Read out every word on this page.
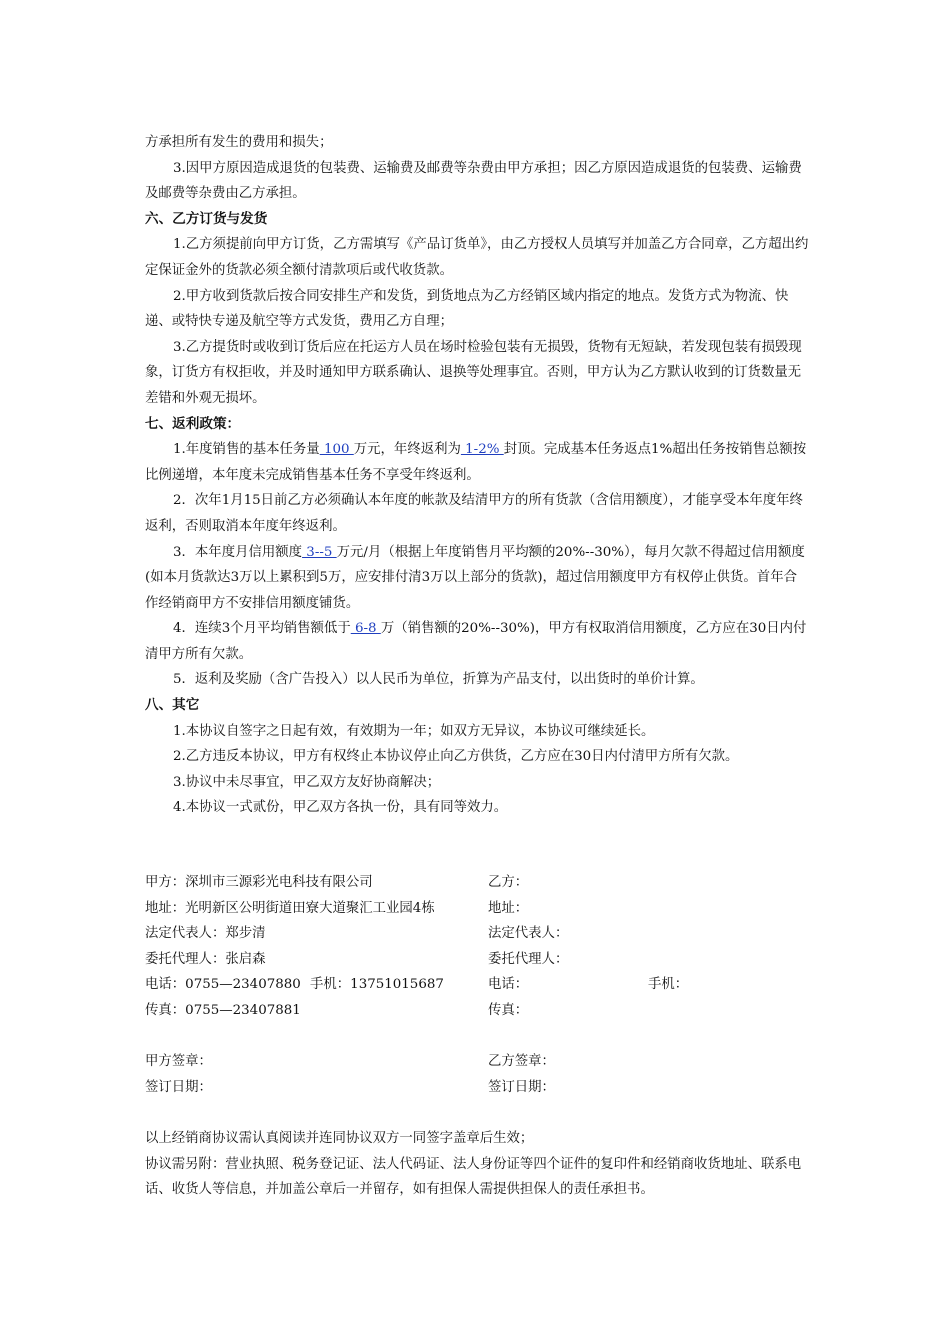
方承担所有发生的费用和损失；

3.因甲方原因造成退货的包装费、运输费及邮费等杂费由甲方承担；因乙方原因造成退货的包装费、运输费及邮费等杂费由乙方承担。

六、乙方订货与发货

1.乙方须提前向甲方订货，乙方需填写《产品订货单》，由乙方授权人员填写并加盖乙方合同章，乙方超出约定保证金外的货款必须全额付清款项后或代收货款。

2.甲方收到货款后按合同安排生产和发货，到货地点为乙方经销区域内指定的地点。发货方式为物流、快递、或特快专递及航空等方式发货，费用乙方自理；

3.乙方提货时或收到订货后应在托运方人员在场时检验包装有无损毁，货物有无短缺，若发现包装有损毁现象，订货方有权拒收，并及时通知甲方联系确认、退换等处理事宜。否则，甲方认为乙方默认收到的订货数量无差错和外观无损坏。

七、返利政策：

1.年度销售的基本任务量 100 万元，年终返利为 1-2% 封顶。完成基本任务返点1%超出任务按销售总额按比例递增，本年度未完成销售基本任务不享受年终返利。

2．次年1月15日前乙方必须确认本年度的帐款及结清甲方的所有货款（含信用额度），才能享受本年度年终返利，否则取消本年度年终返利。

3．本年度月信用额度 3--5 万元/月（根据上年度销售月平均额的20%--30%），每月欠款不得超过信用额度(如本月货款达3万以上累积到5万，应安排付清3万以上部分的货款)，超过信用额度甲方有权停止供货。首年合作经销商甲方不安排信用额度铺货。

4．连续3个月平均销售额低于 6-8 万（销售额的20%--30%)，甲方有权取消信用额度，乙方应在30日内付清甲方所有欠款。

5．返利及奖励（含广告投入）以人民币为单位，折算为产品支付，以出货时的单价计算。

八、其它

1.本协议自签字之日起有效，有效期为一年；如双方无异议，本协议可继续延长。

2.乙方违反本协议，甲方有权终止本协议停止向乙方供货，乙方应在30日内付清甲方所有欠款。

3.协议中未尽事宜，甲乙双方友好协商解决；

4.本协议一式贰份，甲乙双方各执一份，具有同等效力。

甲方：深圳市三源彩光电科技有限公司
地址：光明新区公明街道田寮大道聚汇工业园4栋
法定代表人：郑步清
委托代理人：张启森
电话：0755—23407880 手机：13751015687
传真：0755—23407881
甲方签章：
签订日期：
乙方：
地址：
法定代表人：
委托代理人：
电话：	手机：
传真：
乙方签章：
签订日期：

以上经销商协议需认真阅读并连同协议双方一同签字盖章后生效；

协议需另附：营业执照、税务登记证、法人代码证、法人身份证等四个证件的复印件和经销商收货地址、联系电话、收货人等信息，并加盖公章后一并留存，如有担保人需提供担保人的责任承担书。
